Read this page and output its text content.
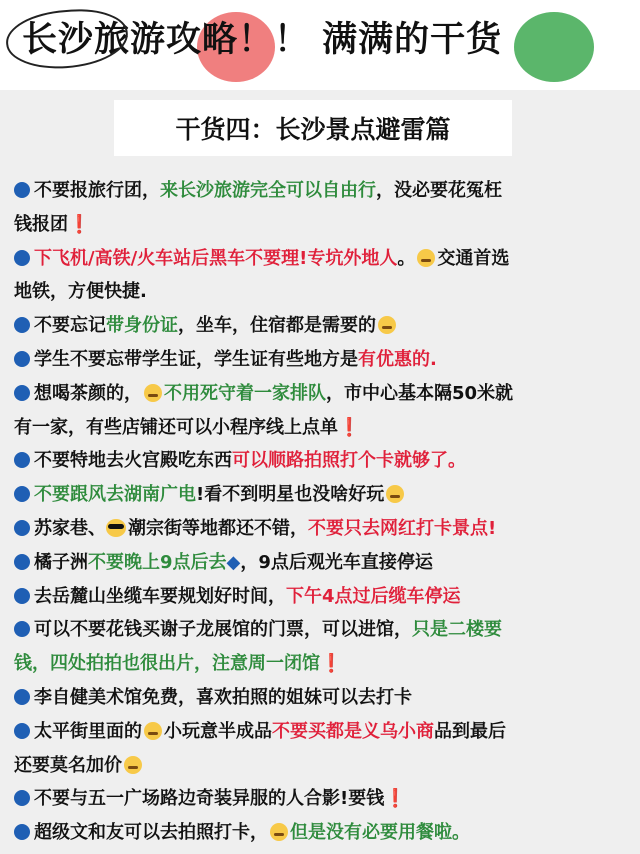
长沙旅游攻略！！ 满满的干货
干货四：长沙景点避雷篇
不要报旅行团，来长沙旅游完全可以自由行，没必要花冤枉
钱报团❗
下飞机/高铁/火车站后黑车不要理!专坑外地人。 交通首选
地铁，方便快捷.
不要忘记带身份证，坐车，住宿都是需要的
学生不要忘带学生证，学生证有些地方是有优惠的.
想喝茶颜的， 不用死守着一家排队，市中心基本隔50米就
有一家，有些店铺还可以小程序线上点单❗
不要特地去火宫殿吃东西可以顺路拍照打个卡就够了。
不要跟风去湖南广电!看不到明星也没啥好玩
苏家巷、 潮宗街等地都还不错，不要只去网红打卡景点!
橘子洲不要晚上9点后去◆，9点后观光车直接停运
去岳麓山坐缆车要规划好时间，下午4点过后缆车停运
可以不要花钱买谢子龙展馆的门票，可以进馆，只是二楼要
钱，四处拍拍也很出片，注意周一闭馆❗
李自健美术馆免费，喜欢拍照的姐妹可以去打卡
太平街里面的 小玩意半成品不要买都是义乌小商品到最后
还要莫名加价
不要与五一广场路边奇装异服的人合影!要钱❗
超级文和友可以去拍照打卡， 但是没有必要用餐啦。
